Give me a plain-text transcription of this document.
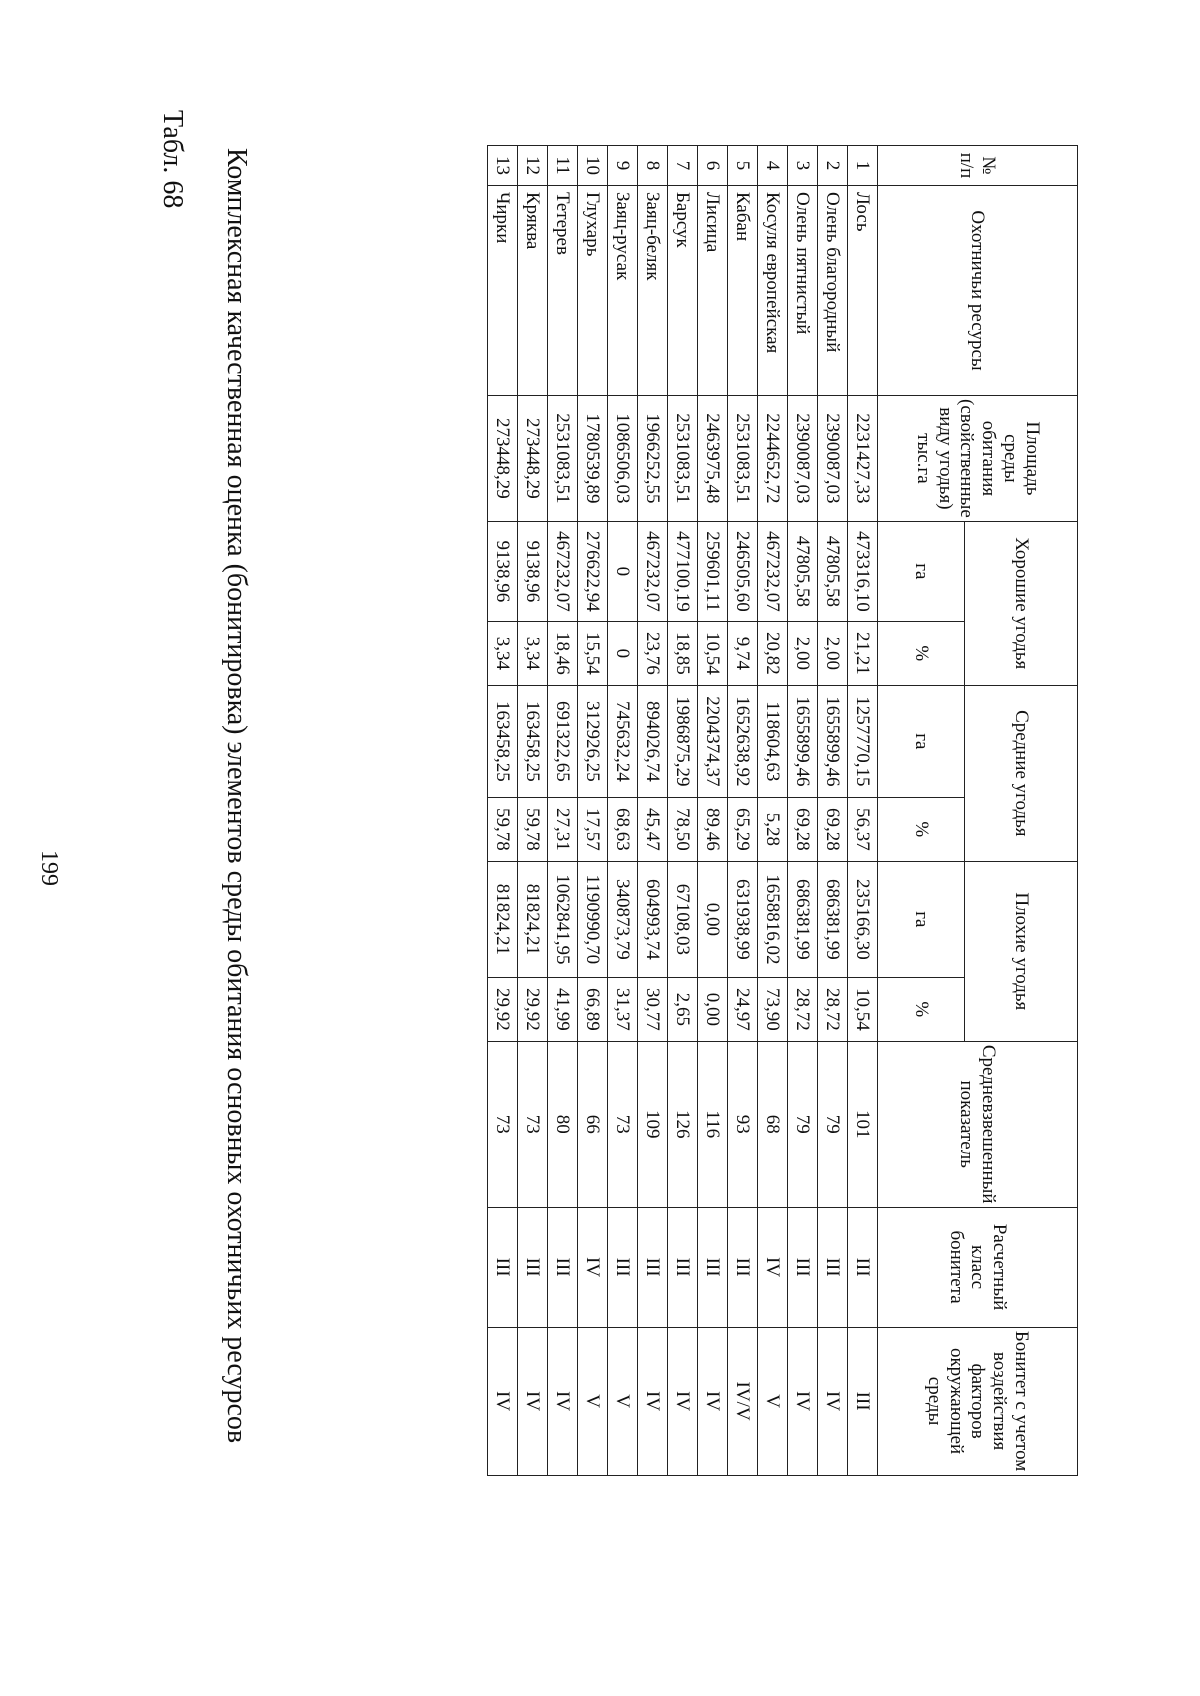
199
Табл. 68 Комплексная качественная оценка (бонитировка) элементов среды обитания основных охотничьих ресурсов	№ п/п	Охотничьи ресурсы	Площадь среды обитания (свойственные виду угодья) тыс.га	Хорошие угодья		Средние угодья		Плохие угодья		Средневзвешенный показатель	Расчетный класс бонитета	Бонитет с учетом воздействия факторов окружающей среды
			га	%	га	%	га	%			
1	Лось	2231427,33	473316,10	21,21	1257770,15	56,37	235166,30	10,54	101	III	III
2	Олень благородный	2390087,03	47805,58	2,00	1655899,46	69,28	686381,99	28,72	79	III	IV
3	Олень пятнистый	2390087,03	47805,58	2,00	1655899,46	69,28	686381,99	28,72	79	III	IV
4	Косуля европейская	2244652,72	467232,07	20,82	118604,63	5,28	1658816,02	73,90	68	IV	V
5	Кабан	2531083,51	246505,60	9,74	1652638,92	65,29	631938,99	24,97	93	III	IV/V
6	Лисица	2463975,48	259601,11	10,54	2204374,37	89,46	0,00	0,00	116	III	IV
7	Барсук	2531083,51	477100,19	18,85	1986875,29	78,50	67108,03	2,65	126	III	IV
8	Заяц-беляк	1966252,55	467232,07	23,76	894026,74	45,47	604993,74	30,77	109	III	IV
9	Заяц-русак	1086506,03	0	0	745632,24	68,63	340873,79	31,37	73	III	V
10	Глухарь	1780539,89	276622,94	15,54	312926,25	17,57	1190990,70	66,89	66	IV	V
11	Тетерев	2531083,51	467232,07	18,46	691322,65	27,31	1062841,95	41,99	80	III	IV
12	Кряква	273448,29	9138,96	3,34	163458,25	59,78	81824,21	29,92	73	III	IV
13	Чирки	273448,29	9138,96	3,34	163458,25	59,78	81824,21	29,92	73	III	IV
